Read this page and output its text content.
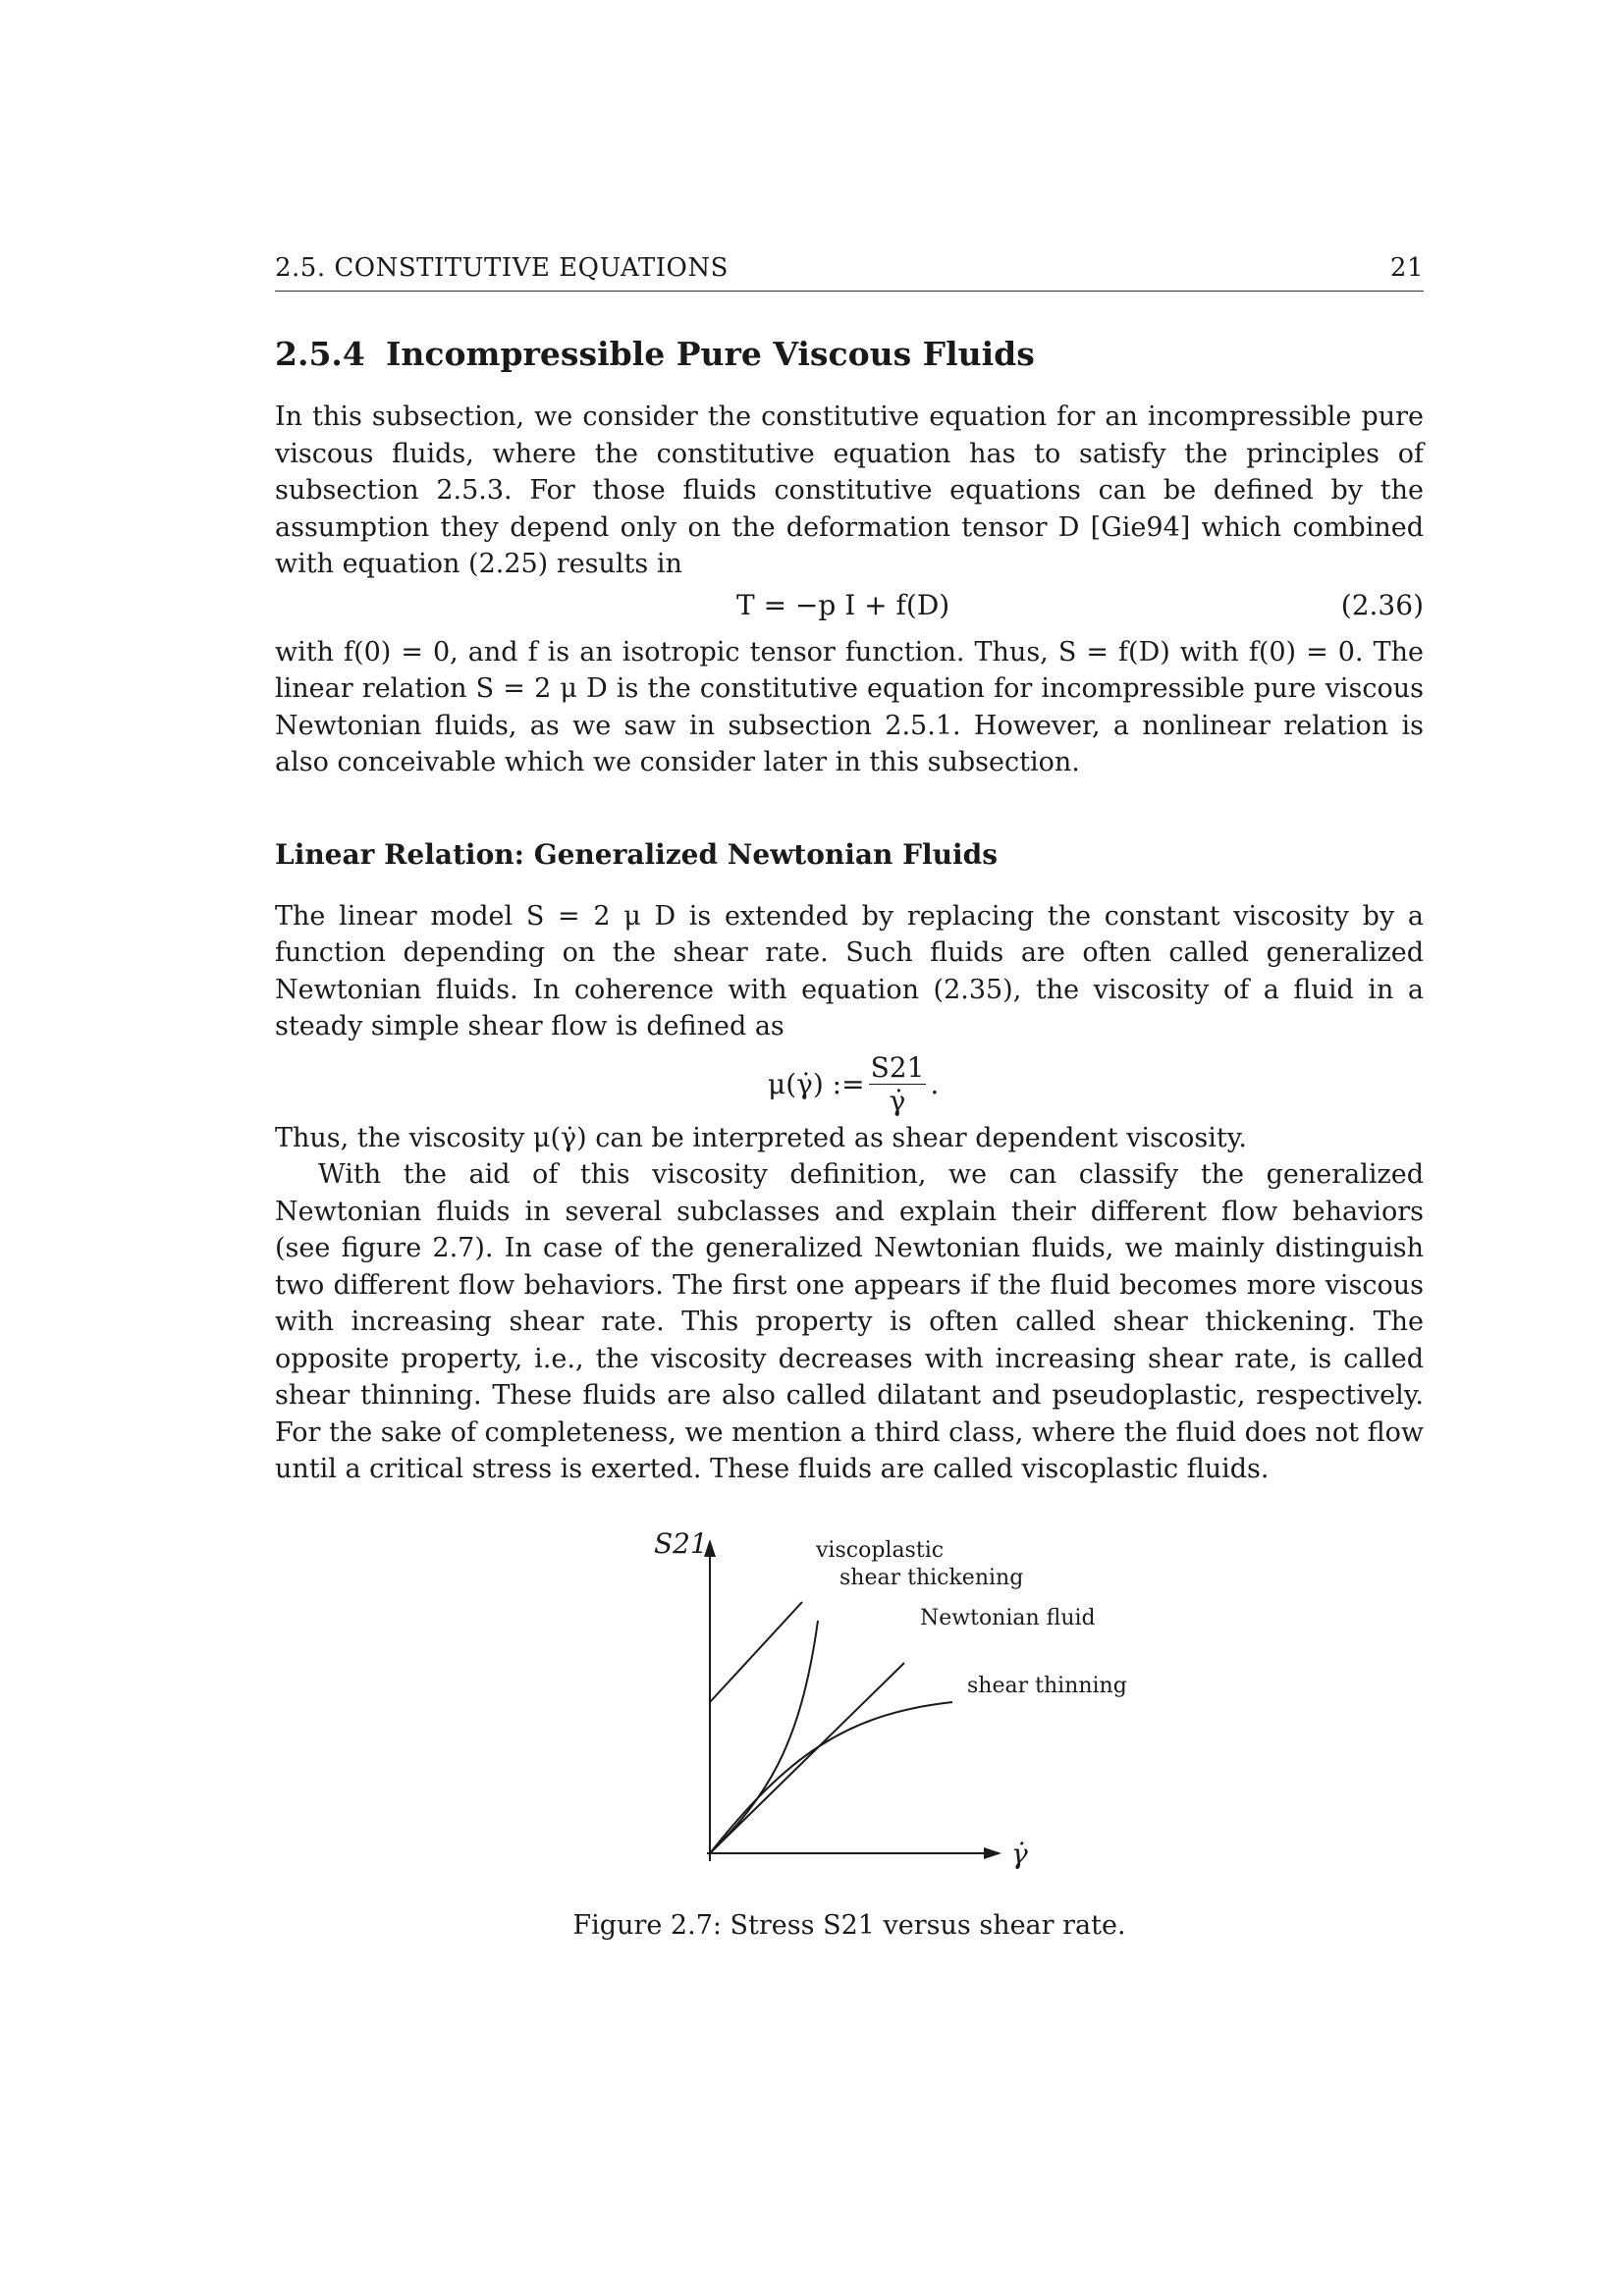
2.5. CONSTITUTIVE EQUATIONS	21
2.5.4 Incompressible Pure Viscous Fluids

In this subsection, we consider the constitutive equation for an incompressible pure viscous fluids, where the constitutive equation has to satisfy the principles of subsection 2.5.3. For those fluids constitutive equations can be defined by the assumption they depend only on the deformation tensor D [Gie94] which combined with equation (2.25) results in

T = −p I + f(D)	(2.36)

with f(0) = 0, and f is an isotropic tensor function. Thus, S = f(D) with f(0) = 0. The linear relation S = 2 μ D is the constitutive equation for incompressible pure viscous Newtonian fluids, as we saw in subsection 2.5.1. However, a nonlinear relation is also conceivable which we consider later in this subsection.

Linear Relation: Generalized Newtonian Fluids

The linear model S = 2 μ D is extended by replacing the constant viscosity by a function depending on the shear rate. Such fluids are often called generalized Newtonian fluids. In coherence with equation (2.35), the viscosity of a fluid in a steady simple shear flow is defined as

μ(γ̇) := $\frac{S21}{\gammȧ}$ .

Thus, the viscosity μ(γ̇) can be interpreted as shear dependent viscosity.

With the aid of this viscosity definition, we can classify the generalized Newtonian fluids in several subclasses and explain their different flow behaviors (see figure 2.7). In case of the generalized Newtonian fluids, we mainly distinguish two different flow behaviors. The first one appears if the fluid becomes more viscous with increasing shear rate. This property is often called shear thickening. The opposite property, i.e., the viscosity decreases with increasing shear rate, is called shear thinning. These fluids are also called dilatant and pseudoplastic, respectively. For the sake of completeness, we mention a third class, where the fluid does not flow until a critical stress is exerted. These fluids are called viscoplastic fluids.

S21
γ̇
viscoplastic
shear thickening
Newtonian fluid
shear thinning
Figure 2.7: Stress S21 versus shear rate.
